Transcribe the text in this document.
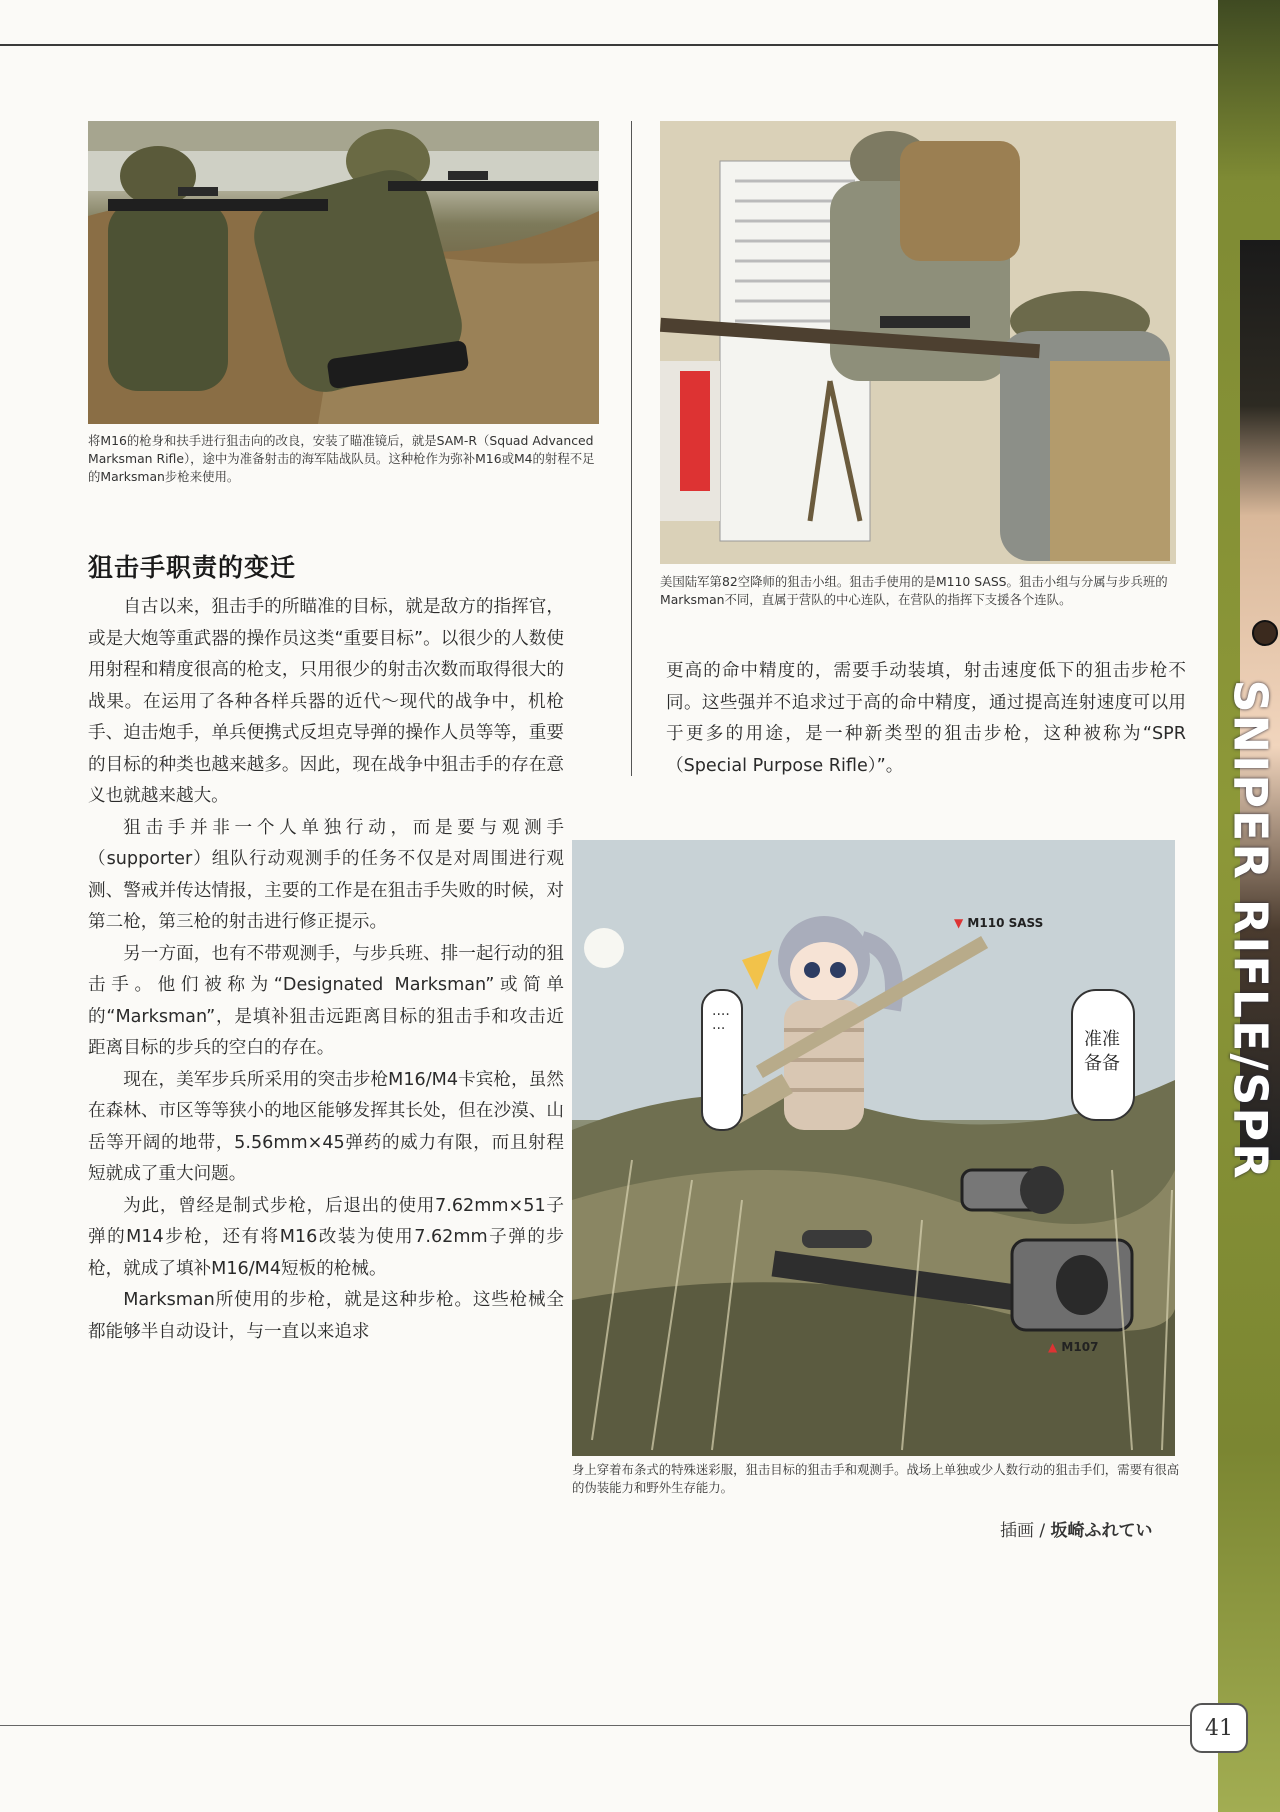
SNIPER RIFLE/SPR
将M16的枪身和扶手进行狙击向的改良，安装了瞄准镜后，就是SAM-R（Squad Advanced Marksman Rifle），途中为准备射击的海军陆战队员。这种枪作为弥补M16或M4的射程不足的Marksman步枪来使用。
美国陆军第82空降师的狙击小组。狙击手使用的是M110 SASS。狙击小组与分属与步兵班的Marksman不同，直属于营队的中心连队，在营队的指挥下支援各个连队。
狙击手职责的变迁

自古以来，狙击手的所瞄准的目标，就是敌方的指挥官，或是大炮等重武器的操作员这类“重要目标”。以很少的人数使用射程和精度很高的枪支，只用很少的射击次数而取得很大的战果。在运用了各种各样兵器的近代～现代的战争中，机枪手、迫击炮手，单兵便携式反坦克导弹的操作人员等等，重要的目标的种类也越来越多。因此，现在战争中狙击手的存在意义也就越来越大。

狙击手并非一个人单独行动，而是要与观测手（supporter）组队行动观测手的任务不仅是对周围进行观测、警戒并传达情报，主要的工作是在狙击手失败的时候，对第二枪，第三枪的射击进行修正提示。

另一方面，也有不带观测手，与步兵班、排一起行动的狙击手。他们被称为“Designated Marksman”或简单的“Marksman”，是填补狙击远距离目标的狙击手和攻击近距离目标的步兵的空白的存在。

现在，美军步兵所采用的突击步枪M16/M4卡宾枪，虽然在森林、市区等等狭小的地区能够发挥其长处，但在沙漠、山岳等开阔的地带，5.56mm×45弹药的威力有限，而且射程短就成了重大问题。

为此，曾经是制式步枪，后退出的使用7.62mm×51子弹的M14步枪，还有将M16改装为使用7.62mm子弹的步枪，就成了填补M16/M4短板的枪械。

Marksman所使用的步枪，就是这种步枪。这些枪械全都能够半自动设计，与一直以来追求

更高的命中精度的，需要手动装填，射击速度低下的狙击步枪不同。这些强并不追求过于高的命中精度，通过提高连射速度可以用于更多的用途，是一种新类型的狙击步枪，这种被称为“SPR（Special Purpose Rifle）”。

▼ M110 SASS
▲ M107
·······	准准备备
身上穿着布条式的特殊迷彩服，狙击目标的狙击手和观测手。战场上单独或少人数行动的狙击手们，需要有很高的伪装能力和野外生存能力。
插画 / 坂崎ふれてい
41
